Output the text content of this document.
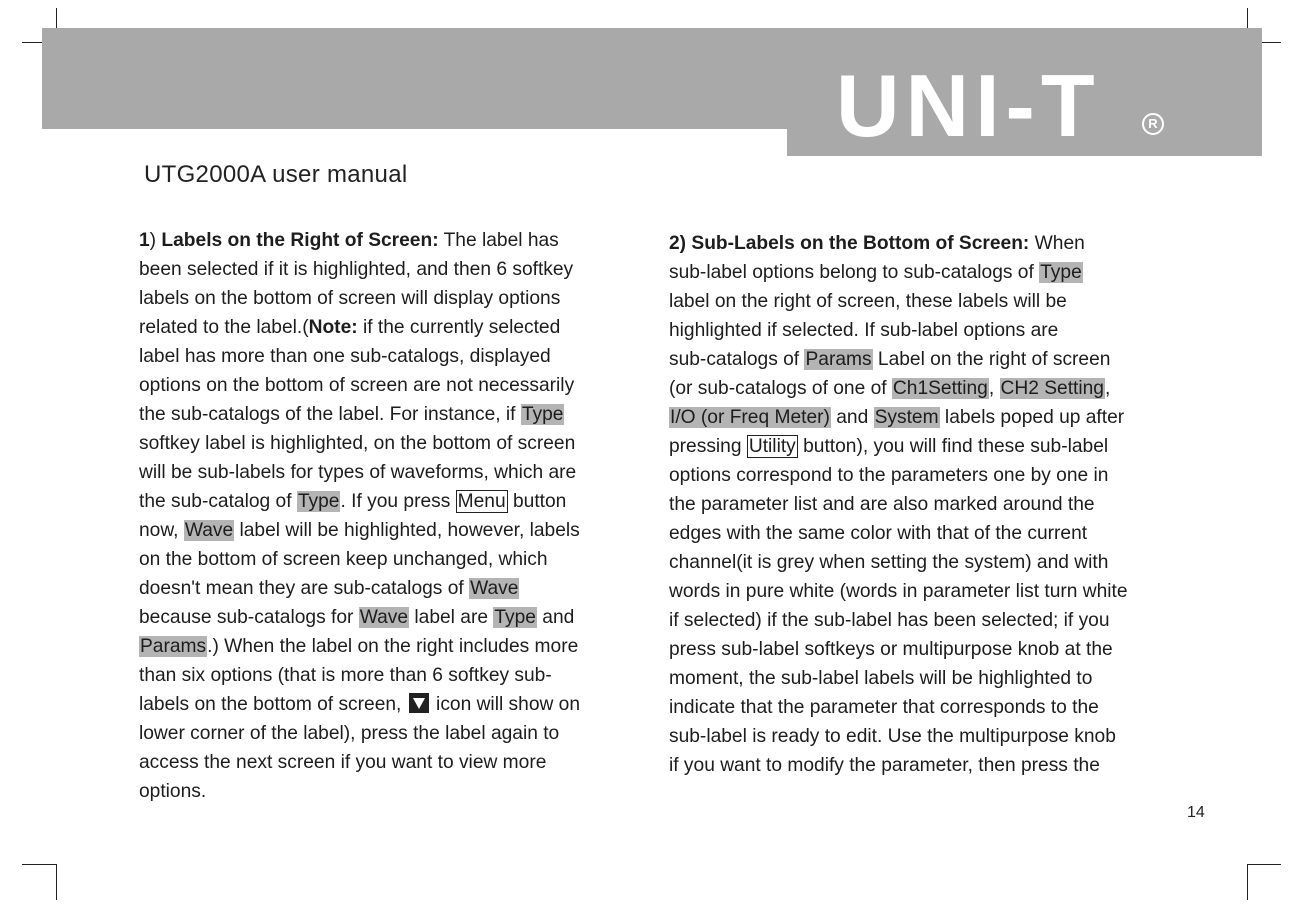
UNI-T	R
UTG2000A user manual
1) Labels on the Right of Screen: The label has
been selected if it is highlighted, and then 6 softkey
labels on the bottom of screen will display options
related to the label.(Note: if the currently selected
label has more than one sub-catalogs, displayed
options on the bottom of screen are not necessarily
the sub-catalogs of the label. For instance, if Type
softkey label is highlighted, on the bottom of screen
will be sub-labels for types of waveforms, which are
the sub-catalog of Type. If you press Menu button
now, Wave label will be highlighted, however, labels
on the bottom of screen keep unchanged, which
doesn't mean they are sub-catalogs of Wave
because sub-catalogs for Wave label are Type and
Params.) When the label on the right includes more
than six options (that is more than 6 softkey sub-
labels on the bottom of screen,  icon will show on
lower corner of the label), press the label again to
access the next screen if you want to view more
options.
2) Sub-Labels on the Bottom of Screen: When
sub-label options belong to sub-catalogs of Type
label on the right of screen, these labels will be
highlighted if selected. If sub-label options are
sub-catalogs of Params Label on the right of screen
(or sub-catalogs of one of Ch1Setting, CH2 Setting,
I/O (or Freq Meter) and System labels poped up after
pressing Utility button), you will find these sub-label
options correspond to the parameters one by one in
the parameter list and are also marked around the
edges with the same color with that of the current
channel(it is grey when setting the system) and with
words in pure white (words in parameter list turn white
if selected) if the sub-label has been selected; if you
press sub-label softkeys or multipurpose knob at the
moment, the sub-label labels will be highlighted to
indicate that the parameter that corresponds to the
sub-label is ready to edit. Use the multipurpose knob
if you want to modify the parameter, then press the
14
